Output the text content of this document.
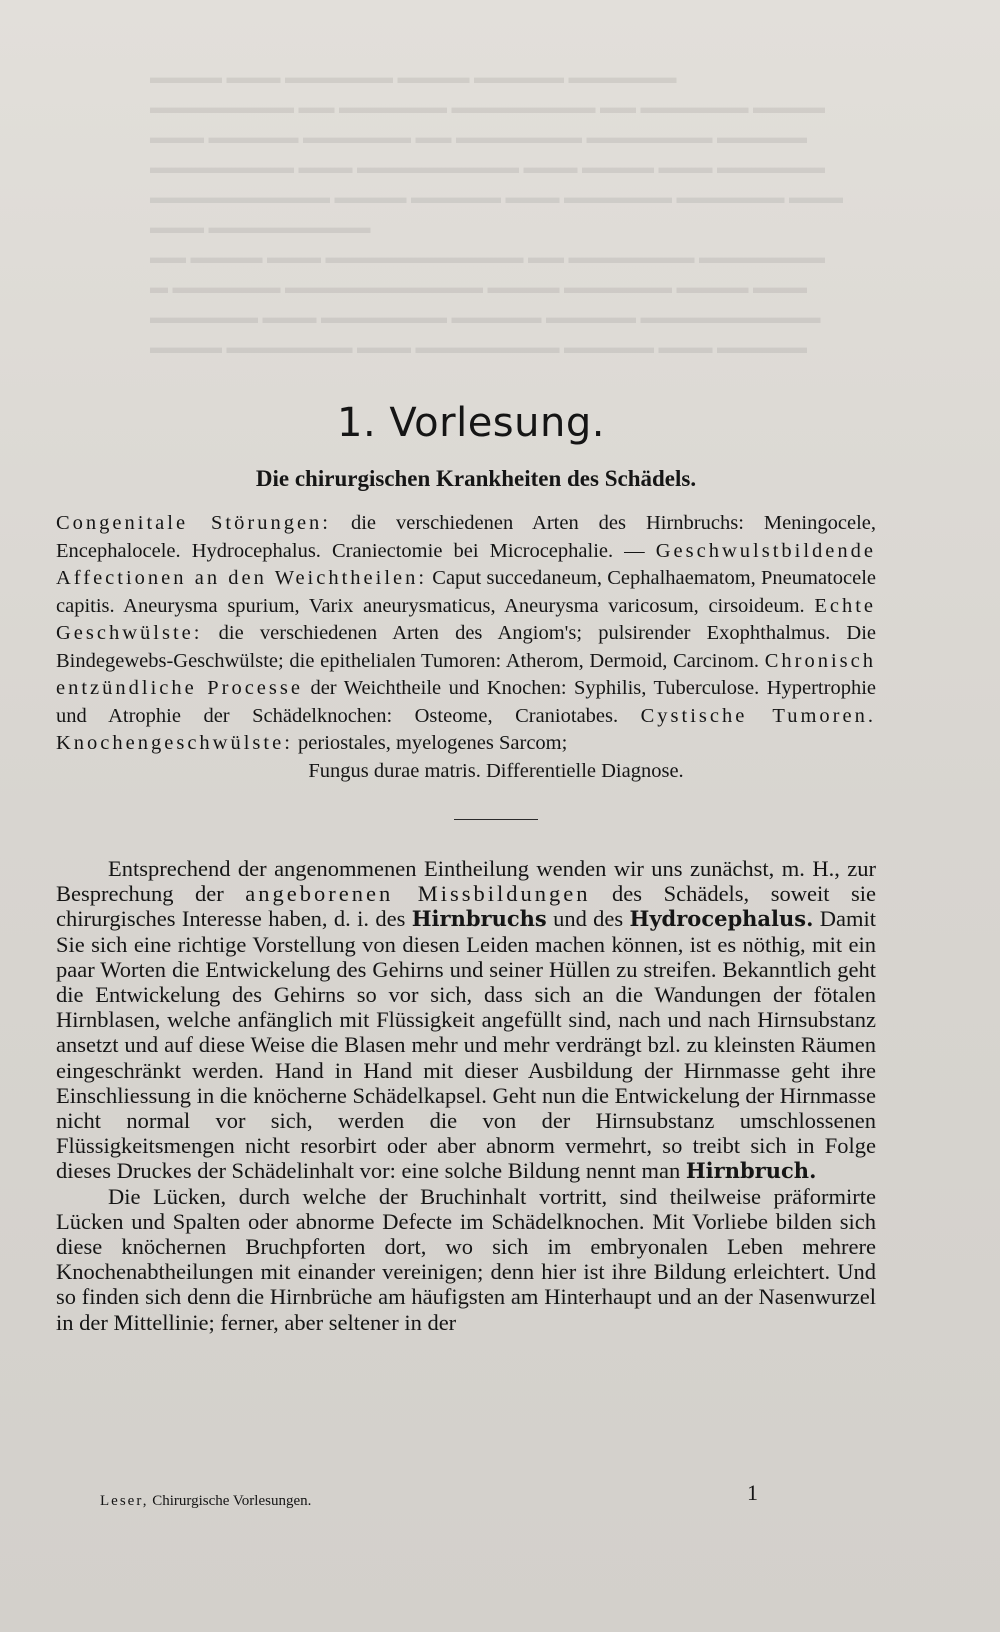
▬▬▬▬ ▬▬▬ ▬▬▬▬▬▬ ▬▬▬▬ ▬▬▬▬▬ ▬▬▬▬▬▬
▬▬▬▬▬▬▬▬ ▬▬ ▬▬▬▬▬▬ ▬▬▬▬▬▬▬▬ ▬▬ ▬▬▬▬▬▬ ▬▬▬▬
▬▬▬ ▬▬▬▬▬ ▬▬▬▬▬▬ ▬▬ ▬▬▬▬▬▬▬ ▬▬▬▬▬▬▬ ▬▬▬▬▬
▬▬▬▬▬▬▬▬ ▬▬▬ ▬▬▬▬▬▬▬▬▬ ▬▬▬ ▬▬▬▬ ▬▬▬ ▬▬▬▬▬▬
▬▬▬▬▬▬▬▬▬▬ ▬▬▬▬ ▬▬▬▬▬ ▬▬▬ ▬▬▬▬▬▬ ▬▬▬▬▬▬ ▬▬▬
▬▬▬ ▬▬▬▬▬▬▬▬▬
▬▬ ▬▬▬▬ ▬▬▬ ▬▬▬▬▬▬▬▬▬▬▬ ▬▬ ▬▬▬▬▬▬▬ ▬▬▬▬▬▬▬
▬ ▬▬▬▬▬▬ ▬▬▬▬▬▬▬▬▬▬▬ ▬▬▬▬ ▬▬▬▬▬▬ ▬▬▬▬ ▬▬▬
▬▬▬▬▬▬ ▬▬▬ ▬▬▬▬▬▬▬ ▬▬▬▬▬ ▬▬▬▬▬ ▬▬▬▬▬▬▬▬▬▬
▬▬▬▬ ▬▬▬▬▬▬▬ ▬▬▬ ▬▬▬▬▬▬▬▬ ▬▬▬▬▬ ▬▬▬ ▬▬▬▬▬
1. Vorlesung.
Die chirurgischen Krankheiten des Schädels.

Congenitale Störungen: die verschiedenen Arten des Hirnbruchs: Meningocele, Encephalocele. Hydrocephalus. Craniectomie bei Microcephalie. — Geschwulstbildende Affectionen an den Weichtheilen: Caput succedaneum, Cephalhaematom, Pneumatocele capitis. Aneurysma spurium, Varix aneurysmaticus, Aneurysma varicosum, cirsoideum. Echte Geschwülste: die verschiedenen Arten des Angiom's; pulsirender Exophthalmus. Die Bindegewebs-Geschwülste; die epithelialen Tumoren: Atherom, Dermoid, Carcinom. Chronisch entzündliche Processe der Weichtheile und Knochen: Syphilis, Tuberculose. Hypertrophie und Atrophie der Schädelknochen: Osteome, Craniotabes. Cystische Tumoren. Knochengeschwülste: periostales, myelogenes Sarcom;

Fungus durae matris. Differentielle Diagnose.

Entsprechend der angenommenen Eintheilung wenden wir uns zunächst, m. H., zur Besprechung der angeborenen Missbildungen des Schädels, soweit sie chirurgisches Interesse haben, d. i. des Hirnbruchs und des Hydrocephalus. Damit Sie sich eine richtige Vorstellung von diesen Leiden machen können, ist es nöthig, mit ein paar Worten die Entwickelung des Gehirns und seiner Hüllen zu streifen. Bekanntlich geht die Entwickelung des Gehirns so vor sich, dass sich an die Wandungen der fötalen Hirnblasen, welche anfänglich mit Flüssigkeit angefüllt sind, nach und nach Hirnsubstanz ansetzt und auf diese Weise die Blasen mehr und mehr verdrängt bzl. zu kleinsten Räumen eingeschränkt werden. Hand in Hand mit dieser Ausbildung der Hirnmasse geht ihre Einschliessung in die knöcherne Schädelkapsel. Geht nun die Entwickelung der Hirnmasse nicht normal vor sich, werden die von der Hirnsubstanz umschlossenen Flüssigkeitsmengen nicht resorbirt oder aber abnorm vermehrt, so treibt sich in Folge dieses Druckes der Schädelinhalt vor: eine solche Bildung nennt man Hirnbruch.

Die Lücken, durch welche der Bruchinhalt vortritt, sind theilweise präformirte Lücken und Spalten oder abnorme Defecte im Schädelknochen. Mit Vorliebe bilden sich diese knöchernen Bruchpforten dort, wo sich im embryonalen Leben mehrere Knochenabtheilungen mit einander vereinigen; denn hier ist ihre Bildung erleichtert. Und so finden sich denn die Hirnbrüche am häufigsten am Hinterhaupt und an der Nasenwurzel in der Mittellinie; ferner, aber seltener in der

Leser, Chirurgische Vorlesungen.	1
